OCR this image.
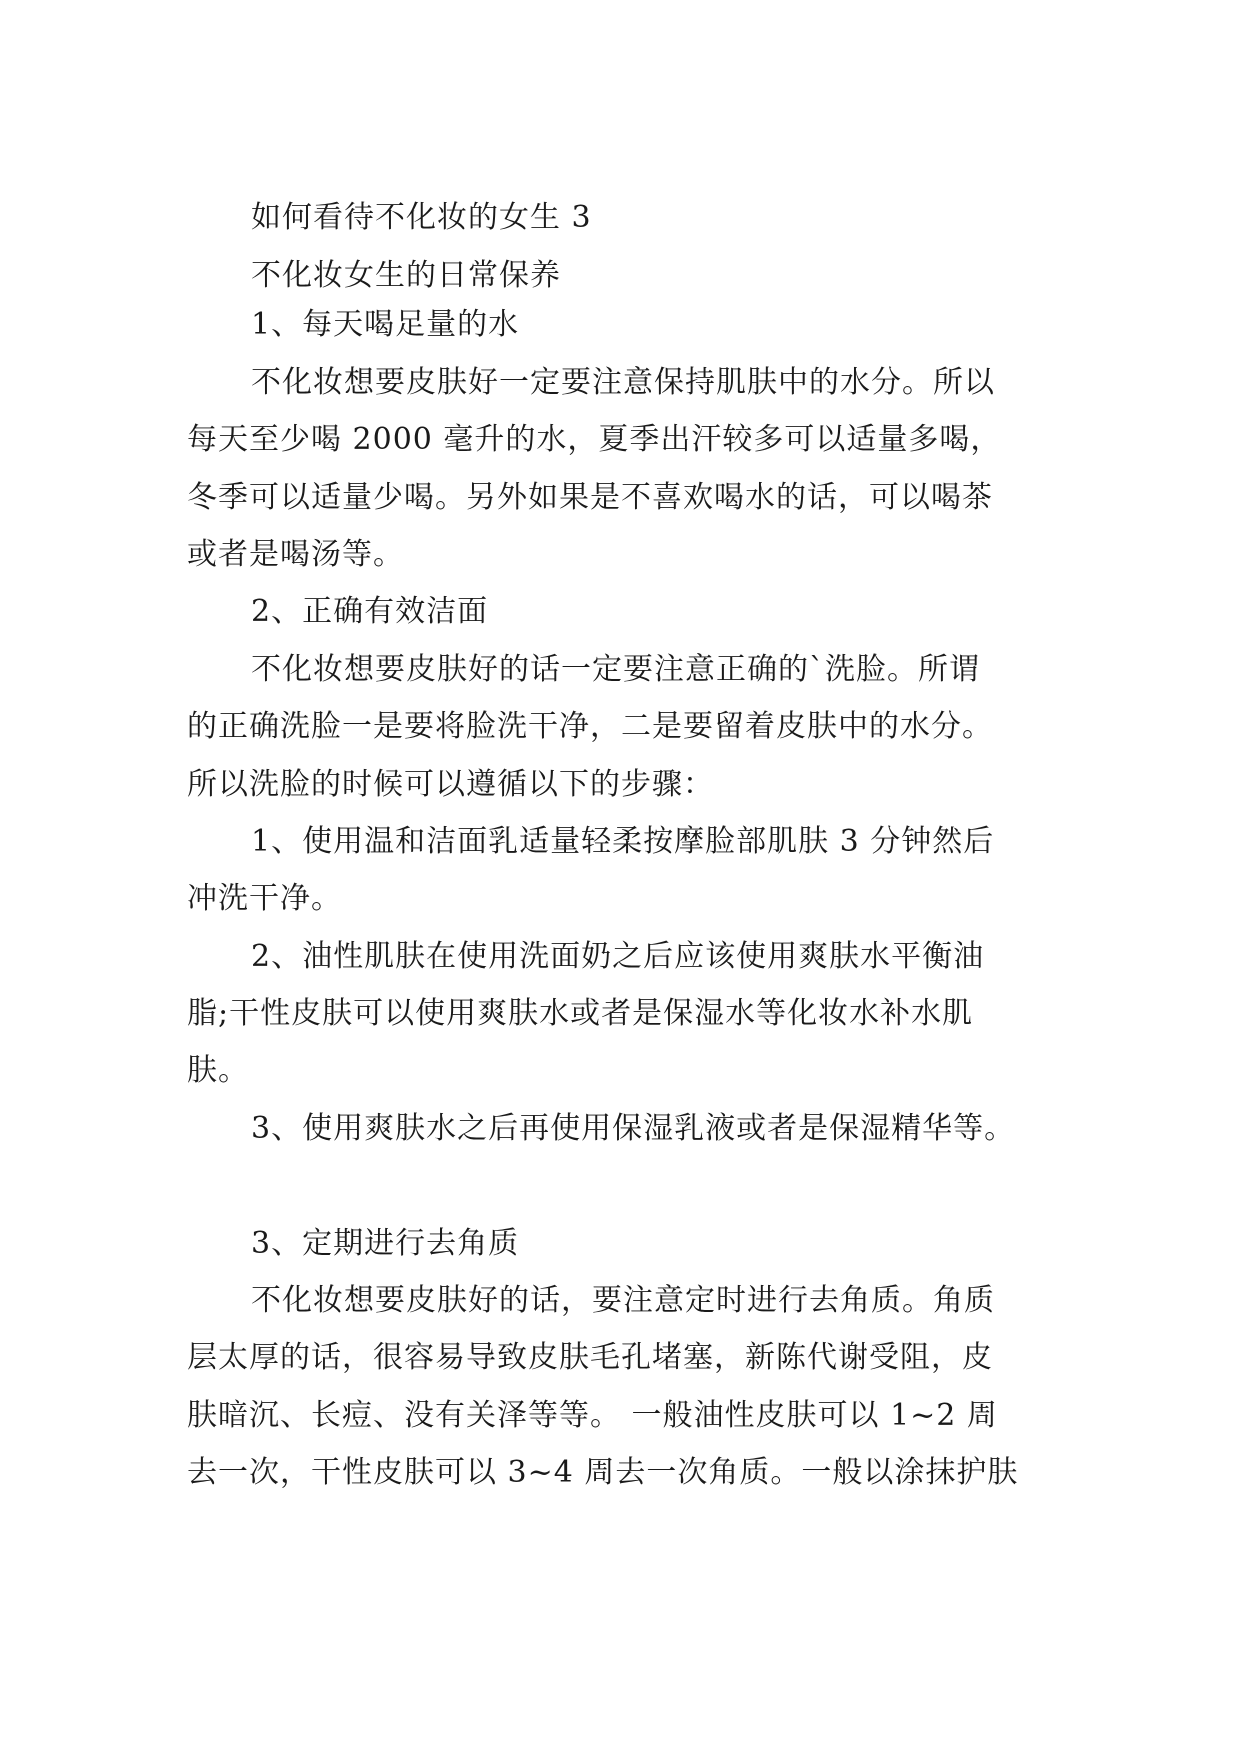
如何看待不化妆的女生 3
不化妆女生的日常保养
1、每天喝足量的水
不化妆想要皮肤好一定要注意保持肌肤中的水分。所以
每天至少喝 2000 毫升的水，夏季出汗较多可以适量多喝，
冬季可以适量少喝。另外如果是不喜欢喝水的话，可以喝茶
或者是喝汤等。
2、正确有效洁面
不化妆想要皮肤好的话一定要注意正确的`洗脸。所谓
的正确洗脸一是要将脸洗干净，二是要留着皮肤中的水分。
所以洗脸的时候可以遵循以下的步骤：
1、使用温和洁面乳适量轻柔按摩脸部肌肤 3 分钟然后
冲洗干净。
2、油性肌肤在使用洗面奶之后应该使用爽肤水平衡油
脂;干性皮肤可以使用爽肤水或者是保湿水等化妆水补水肌
肤。
3、使用爽肤水之后再使用保湿乳液或者是保湿精华等。
3、定期进行去角质
不化妆想要皮肤好的话，要注意定时进行去角质。角质
层太厚的话，很容易导致皮肤毛孔堵塞，新陈代谢受阻，皮
肤暗沉、长痘、没有关泽等等。 一般油性皮肤可以 1~2 周
去一次，干性皮肤可以 3~4 周去一次角质。一般以涂抹护肤
